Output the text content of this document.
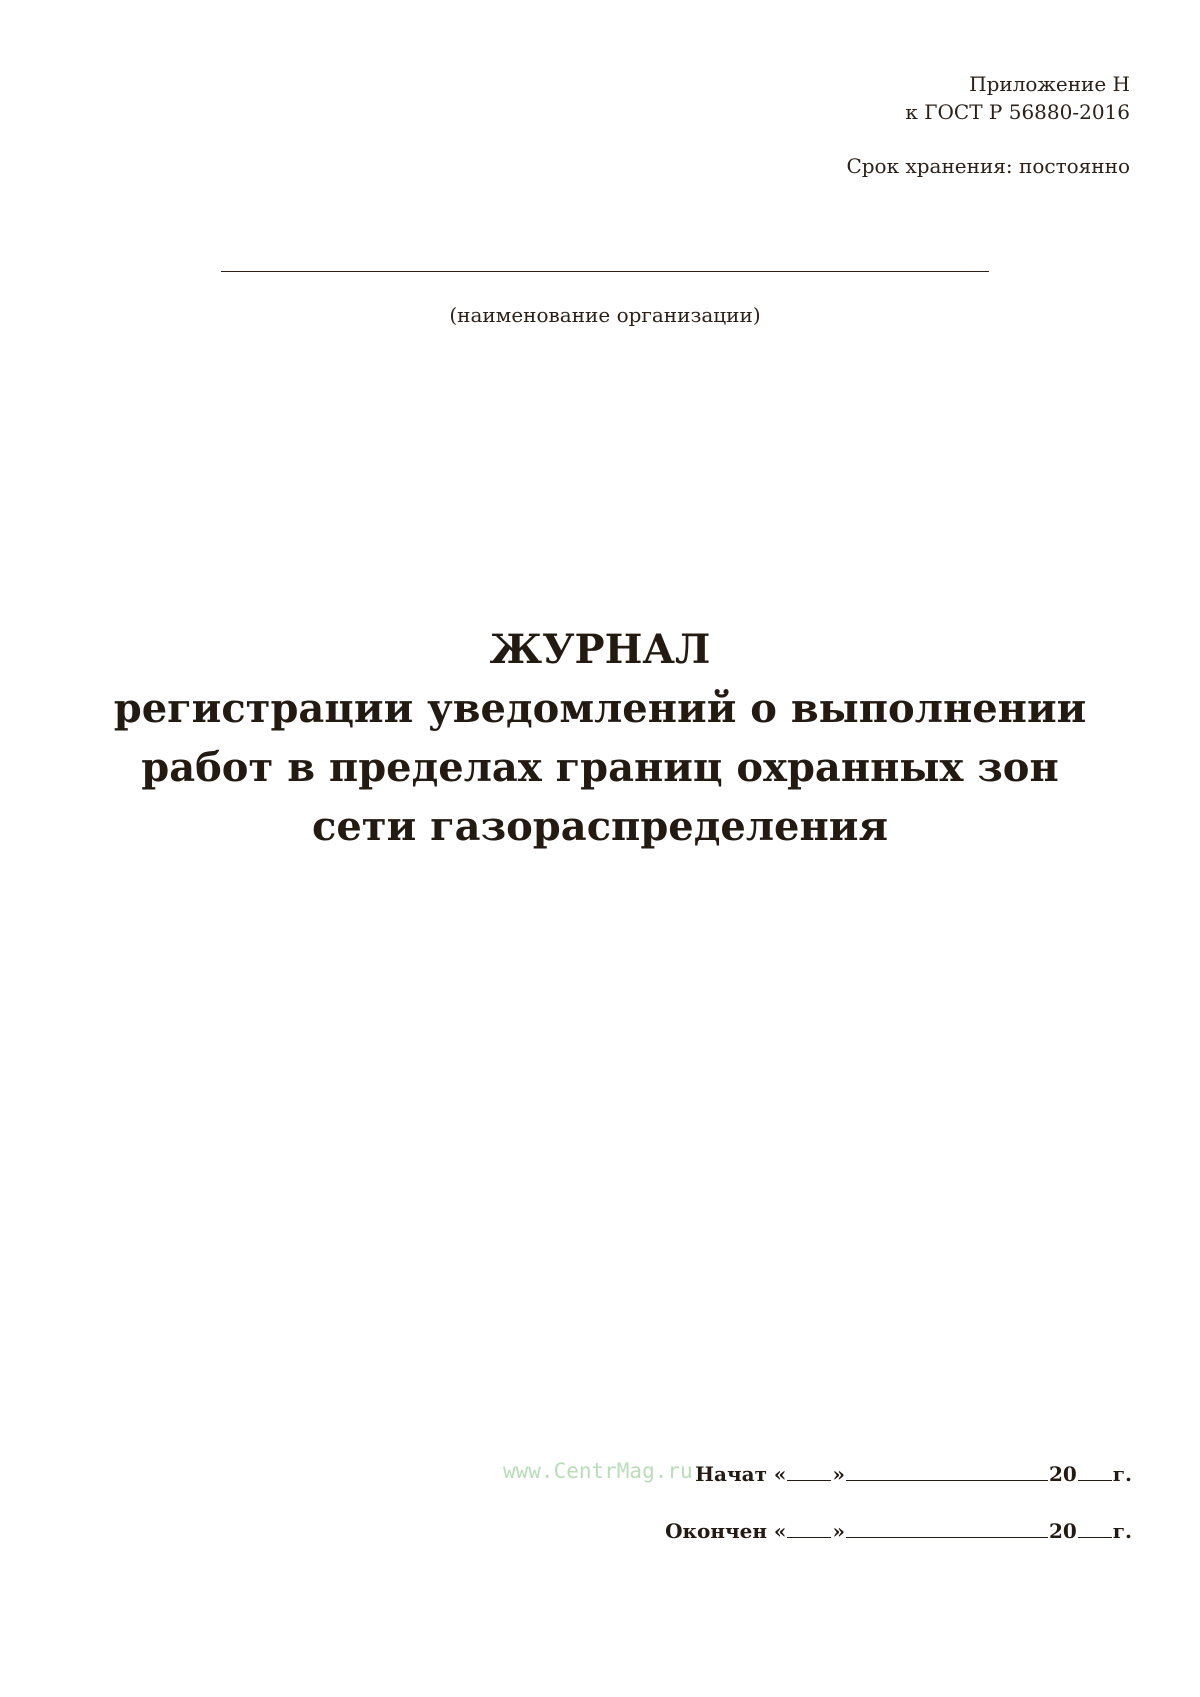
Приложение Н
к ГОСТ Р 56880-2016
Срок хранения: постоянно
(наименование организации)
ЖУРНАЛ
регистрации уведомлений о выполнении
работ в пределах границ охранных зон
сети газораспределения
www.CentrMag.ru Начат « »	20 г.
Окончен « »	20 г.
